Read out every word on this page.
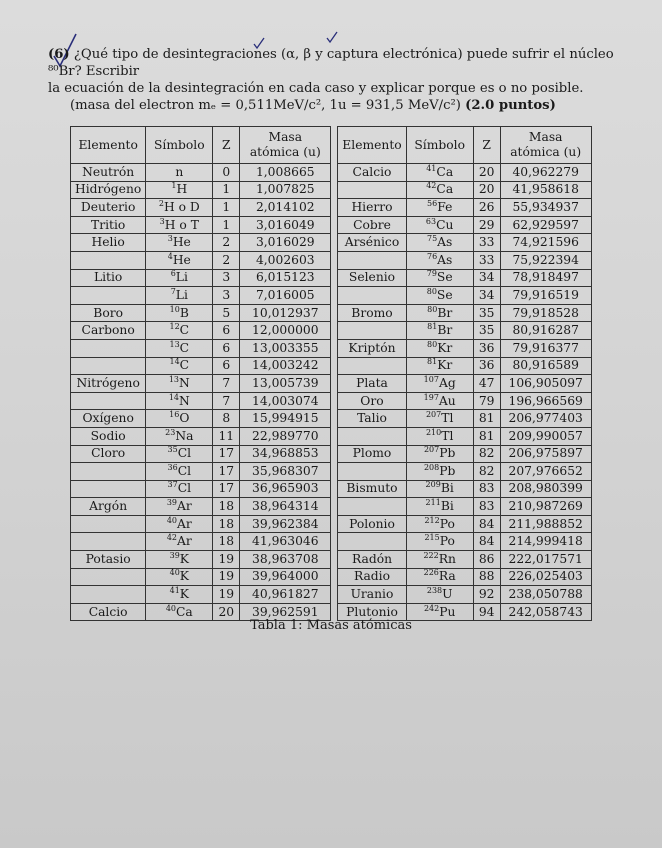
(6) ¿Qué tipo de desintegraciones (α, β y captura electrónica) puede sufrir el núcleo ⁸⁰Br? Escribir
la ecuación de la desintegración en cada caso y explicar porque es o no posible.
(masa del electron mₑ = 0,511MeV/c², 1u = 931,5 MeV/c²) (2.0 puntos)
Elemento	Símbolo	Z	Masa atómica (u)
Neutrón	n	0	1,008665
Hidrógeno	$^1$H	1	1,007825
Deuterio	$^2$H o D	1	2,014102
Tritio	$^3$H o T	1	3,016049
Helio	$^3$He	2	3,016029
	$^4$He	2	4,002603
Litio	$^6$Li	3	6,015123
	$^7$Li	3	7,016005
Boro	$^{10}$B	5	10,012937
Carbono	$^{12}$C	6	12,000000
	$^{13}$C	6	13,003355
	$^{14}$C	6	14,003242
Nitrógeno	$^{13}$N	7	13,005739
	$^{14}$N	7	14,003074
Oxígeno	$^{16}$O	8	15,994915
Sodio	$^{23}$Na	11	22,989770
Cloro	$^{35}$Cl	17	34,968853
	$^{36}$Cl	17	35,968307
	$^{37}$Cl	17	36,965903
Argón	$^{39}$Ar	18	38,964314
	$^{40}$Ar	18	39,962384
	$^{42}$Ar	18	41,963046
Potasio	$^{39}$K	19	38,963708
	$^{40}$K	19	39,964000
	$^{41}$K	19	40,961827
Calcio	$^{40}$Ca	20	39,962591
Elemento	Símbolo	Z	Masa atómica (u)
Calcio	$^{41}$Ca	20	40,962279
	$^{42}$Ca	20	41,958618
Hierro	$^{56}$Fe	26	55,934937
Cobre	$^{63}$Cu	29	62,929597
Arsénico	$^{75}$As	33	74,921596
	$^{76}$As	33	75,922394
Selenio	$^{79}$Se	34	78,918497
	$^{80}$Se	34	79,916519
Bromo	$^{80}$Br	35	79,918528
	$^{81}$Br	35	80,916287
Kriptón	$^{80}$Kr	36	79,916377
	$^{81}$Kr	36	80,916589
Plata	$^{107}$Ag	47	106,905097
Oro	$^{197}$Au	79	196,966569
Talio	$^{207}$Tl	81	206,977403
	$^{210}$Tl	81	209,990057
Plomo	$^{207}$Pb	82	206,975897
	$^{208}$Pb	82	207,976652
Bismuto	$^{209}$Bi	83	208,980399
	$^{211}$Bi	83	210,987269
Polonio	$^{212}$Po	84	211,988852
	$^{215}$Po	84	214,999418
Radón	$^{222}$Rn	86	222,017571
Radio	$^{226}$Ra	88	226,025403
Uranio	$^{238}$U	92	238,050788
Plutonio	$^{242}$Pu	94	242,058743
Tabla 1: Masas atómicas
